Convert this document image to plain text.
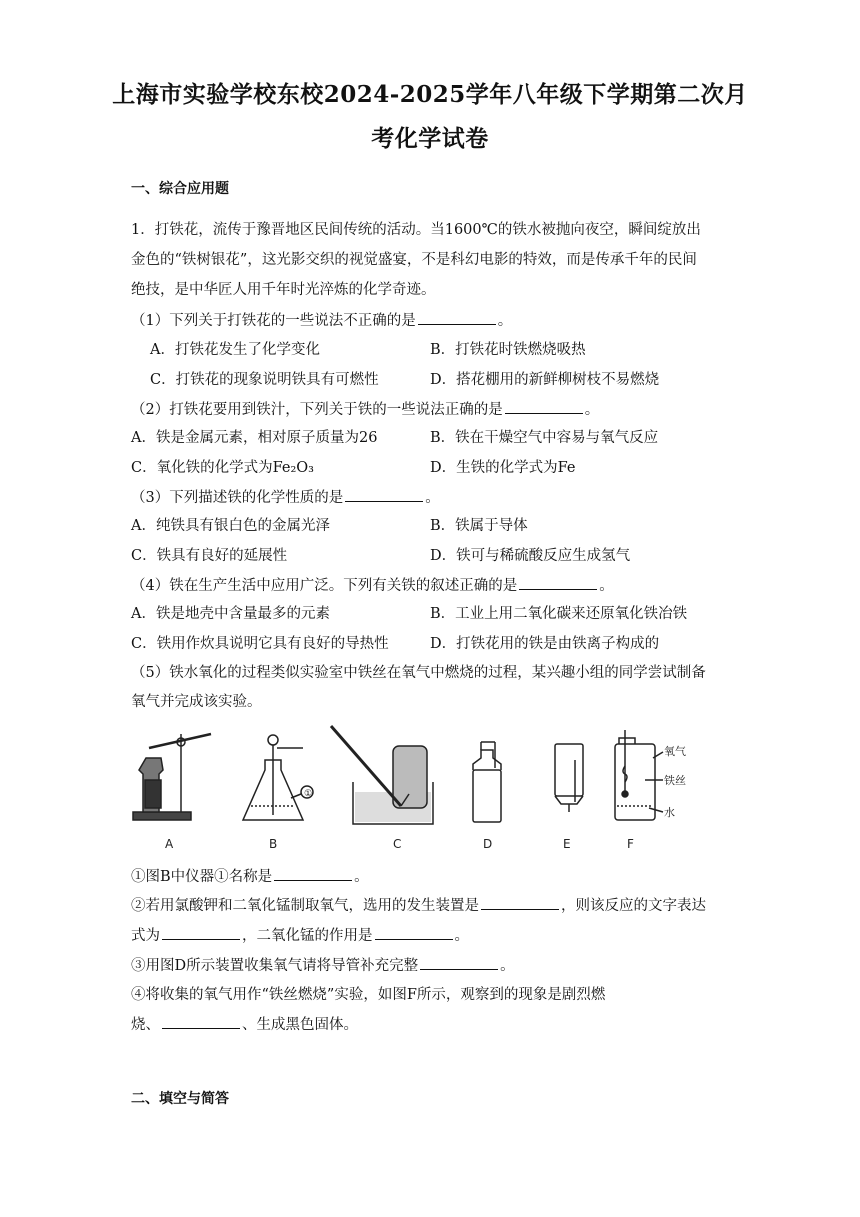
上海市实验学校东校2024-2025学年八年级下学期第二次月
考化学试卷
一、综合应用题
1．打铁花，流传于豫晋地区民间传统的活动。当1600℃的铁水被抛向夜空，瞬间绽放出
金色的“铁树银花”，这光影交织的视觉盛宴，不是科幻电影的特效，而是传承千年的民间
绝技，是中华匠人用千年时光淬炼的化学奇迹。
（1）下列关于打铁花的一些说法不正确的是	。
A．打铁花发生了化学变化	B．打铁花时铁燃烧吸热
C．打铁花的现象说明铁具有可燃性	D．搭花棚用的新鲜柳树枝不易燃烧
（2）打铁花要用到铁汁，下列关于铁的一些说法正确的是	。
A．铁是金属元素，相对原子质量为26	B．铁在干燥空气中容易与氧气反应
C．氧化铁的化学式为Fe₂O₃	D．生铁的化学式为Fe
（3）下列描述铁的化学性质的是	。
A．纯铁具有银白色的金属光泽	B．铁属于导体
C．铁具有良好的延展性	D．铁可与稀硫酸反应生成氢气
（4）铁在生产生活中应用广泛。下列有关铁的叙述正确的是	。
A．铁是地壳中含量最多的元素	B．工业上用二氧化碳来还原氧化铁冶铁
C．铁用作炊具说明它具有良好的导热性	D．打铁花用的铁是由铁离子构成的
（5）铁水氧化的过程类似实验室中铁丝在氧气中燃烧的过程，某兴趣小组的同学尝试制备
氧气并完成该实验。
①
氧气
铁丝
水
A	B	C	D	E	F
①图B中仪器①名称是	。
②若用氯酸钾和二氧化锰制取氧气，选用的发生装置是	，则该反应的文字表达
式为	，二氧化锰的作用是	。
③用图D所示装置收集氧气请将导管补充完整	。
④将收集的氧气用作“铁丝燃烧”实验，如图F所示，观察到的现象是剧烈燃
烧、	、生成黑色固体。
二、填空与简答
